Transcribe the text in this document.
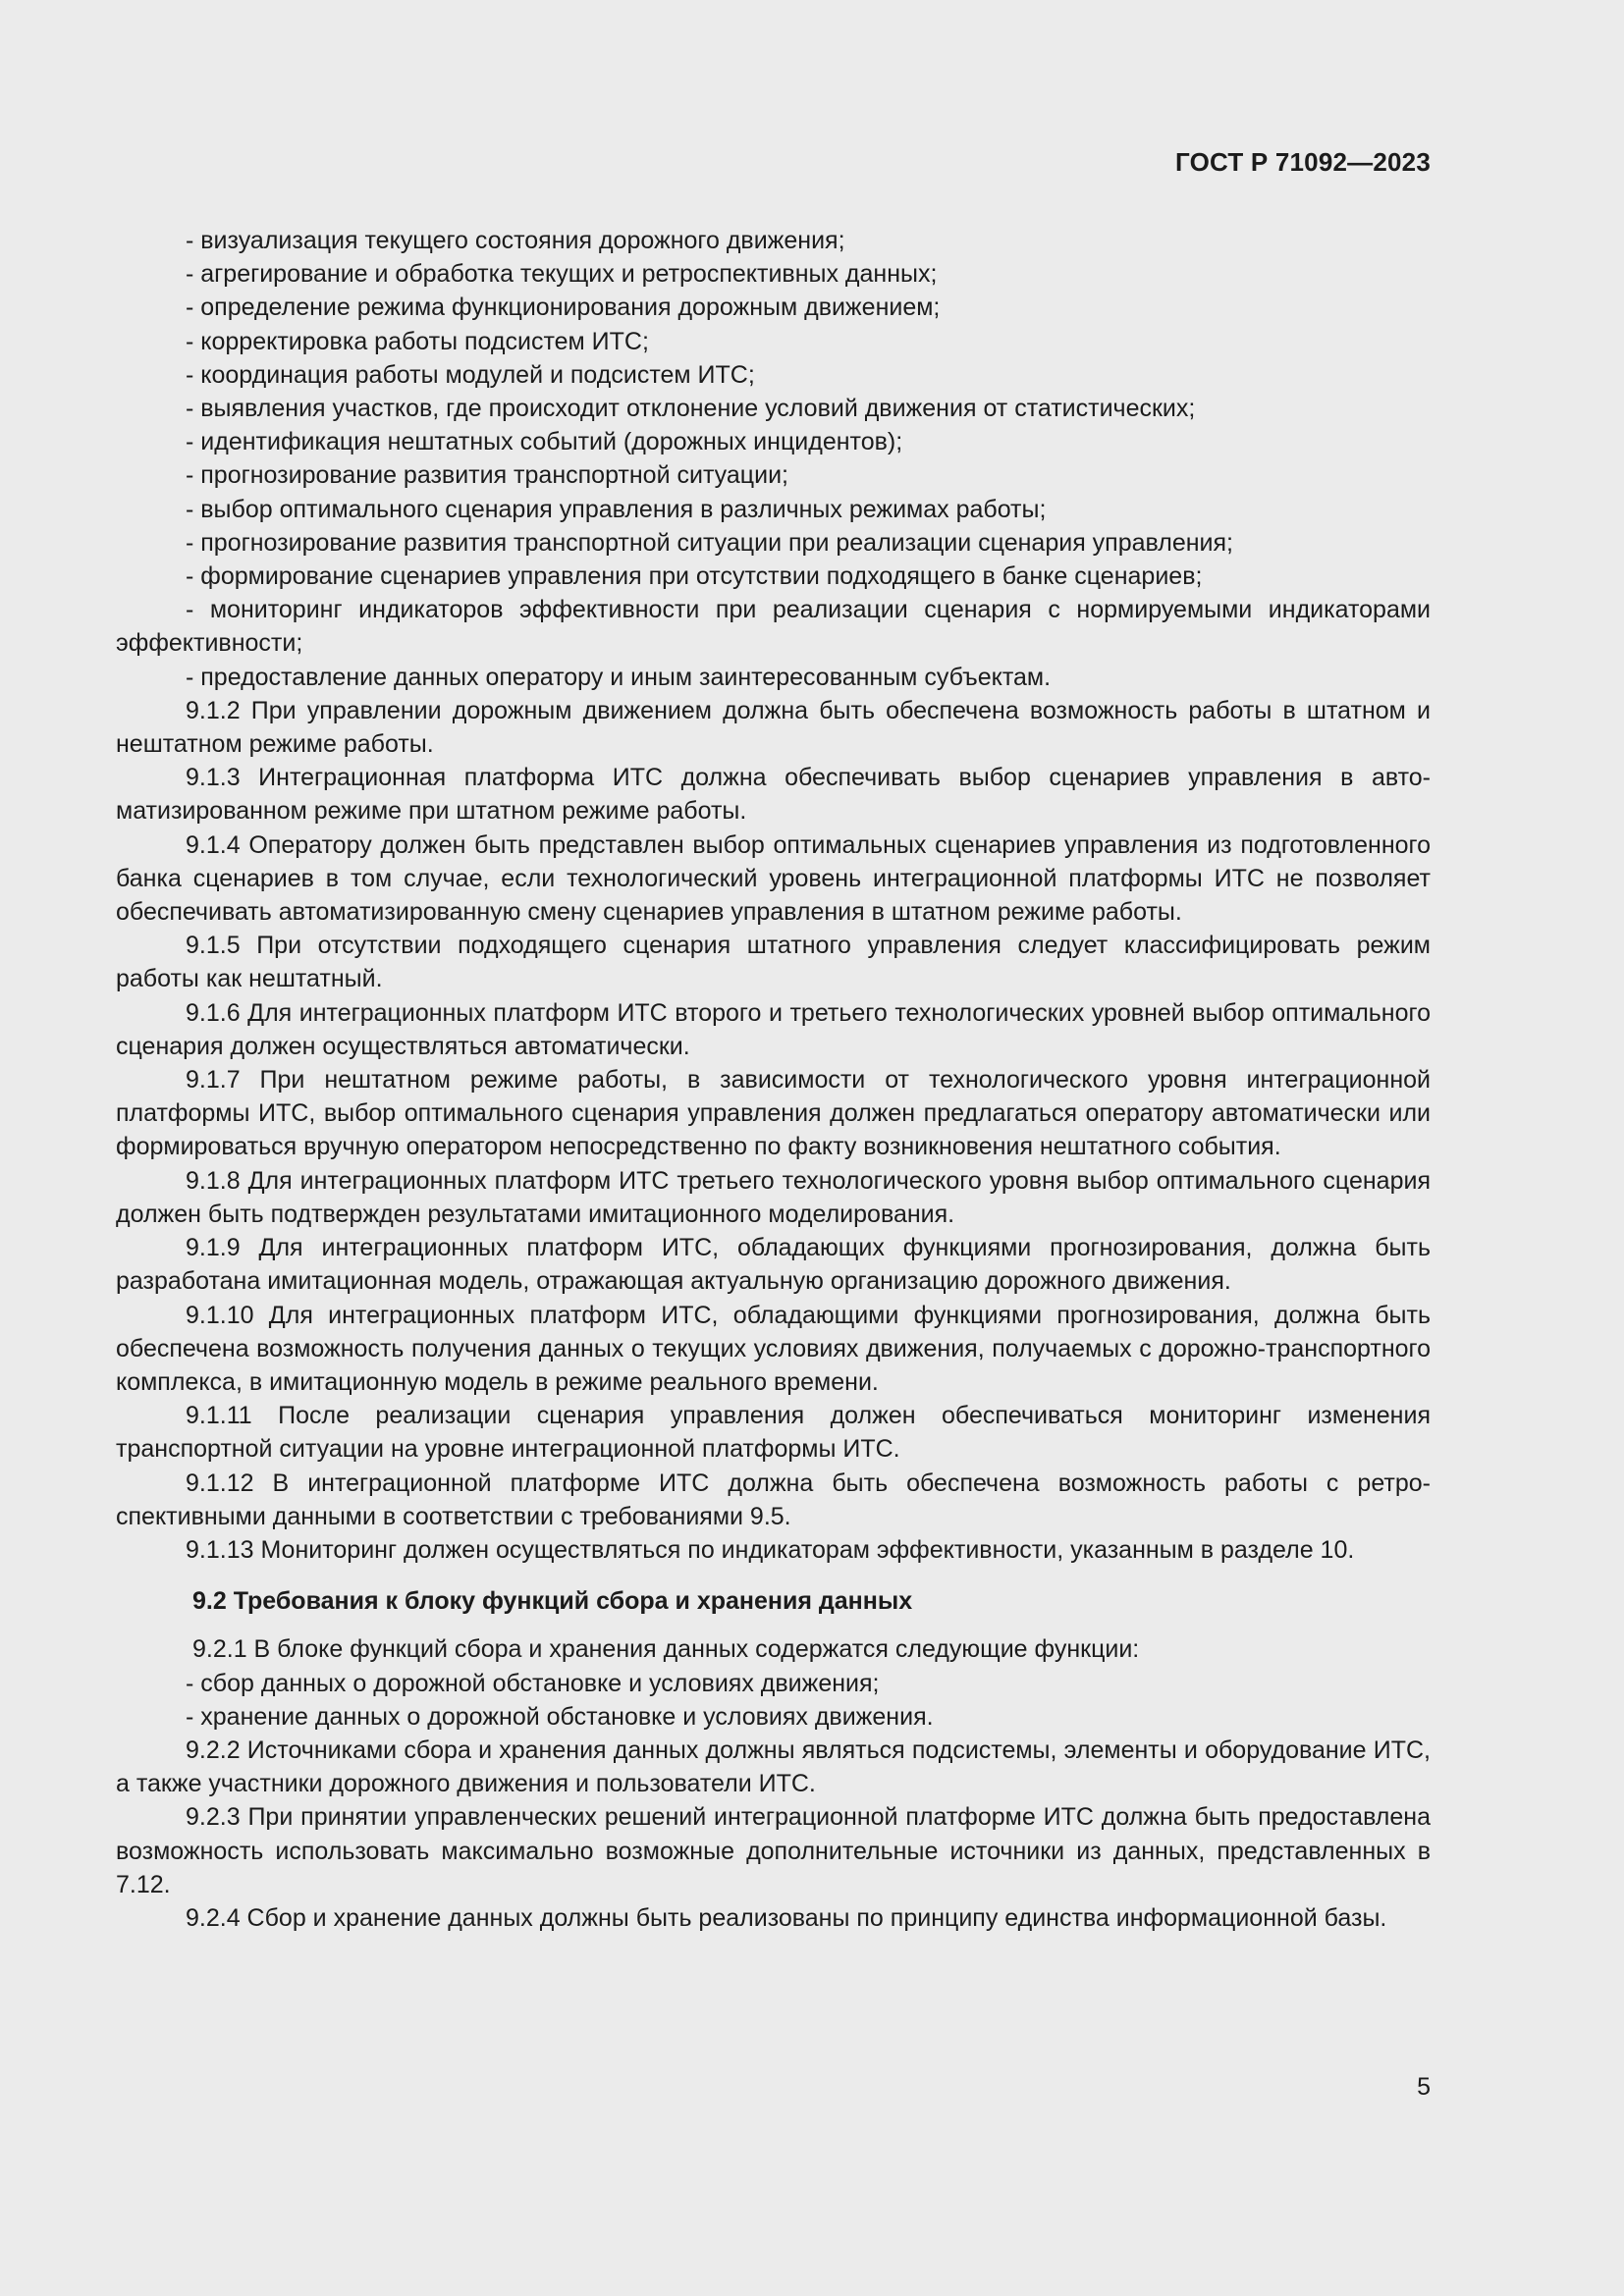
ГОСТ Р 71092—2023

- визуализация текущего состояния дорожного движения;

- агрегирование и обработка текущих и ретроспективных данных;

- определение режима функционирования дорожным движением;

- корректировка работы подсистем ИТС;

- координация работы модулей и подсистем ИТС;

- выявления участков, где происходит отклонение условий движения от статистических;

- идентификация нештатных событий (дорожных инцидентов);

- прогнозирование развития транспортной ситуации;

- выбор оптимального сценария управления в различных режимах работы;

- прогнозирование развития транспортной ситуации при реализации сценария управления;

- формирование сценариев управления при отсутствии подходящего в банке сценариев;

- мониторинг индикаторов эффективности при реализации сценария с нормируемыми индикаторами эффективности;

- предоставление данных оператору и иным заинтересованным субъектам.

9.1.2 При управлении дорожным движением должна быть обеспечена возможность работы в штатном и нештатном режиме работы.

9.1.3 Интеграционная платформа ИТС должна обеспечивать выбор сценариев управления в автоматизированном режиме при штатном режиме работы.

9.1.4 Оператору должен быть представлен выбор оптимальных сценариев управления из подготовленного банка сценариев в том случае, если технологический уровень интеграционной платформы ИТС не позволяет обеспечивать автоматизированную смену сценариев управления в штатном режиме работы.

9.1.5 При отсутствии подходящего сценария штатного управления следует классифицировать режим работы как нештатный.

9.1.6 Для интеграционных платформ ИТС второго и третьего технологических уровней выбор оптимального сценария должен осуществляться автоматически.

9.1.7 При нештатном режиме работы, в зависимости от технологического уровня интеграционной платформы ИТС, выбор оптимального сценария управления должен предлагаться оператору автоматически или формироваться вручную оператором непосредственно по факту возникновения нештатного события.

9.1.8 Для интеграционных платформ ИТС третьего технологического уровня выбор оптимального сценария должен быть подтвержден результатами имитационного моделирования.

9.1.9 Для интеграционных платформ ИТС, обладающих функциями прогнозирования, должна быть разработана имитационная модель, отражающая актуальную организацию дорожного движения.

9.1.10 Для интеграционных платформ ИТС, обладающими функциями прогнозирования, должна быть обеспечена возможность получения данных о текущих условиях движения, получаемых с дорожно-транспортного комплекса, в имитационную модель в режиме реального времени.

9.1.11 После реализации сценария управления должен обеспечиваться мониторинг изменения транспортной ситуации на уровне интеграционной платформы ИТС.

9.1.12 В интеграционной платформе ИТС должна быть обеспечена возможность работы с ретроспективными данными в соответствии с требованиями 9.5.

9.1.13 Мониторинг должен осуществляться по индикаторам эффективности, указанным в разделе 10.

9.2 Требования к блоку функций сбора и хранения данных

9.2.1 В блоке функций сбора и хранения данных содержатся следующие функции:

- сбор данных о дорожной обстановке и условиях движения;

- хранение данных о дорожной обстановке и условиях движения.

9.2.2 Источниками сбора и хранения данных должны являться подсистемы, элементы и оборудование ИТС, а также участники дорожного движения и пользователи ИТС.

9.2.3 При принятии управленческих решений интеграционной платформе ИТС должна быть предоставлена возможность использовать максимально возможные дополнительные источники из данных, представленных в 7.12.

9.2.4 Сбор и хранение данных должны быть реализованы по принципу единства информационной базы.

5
